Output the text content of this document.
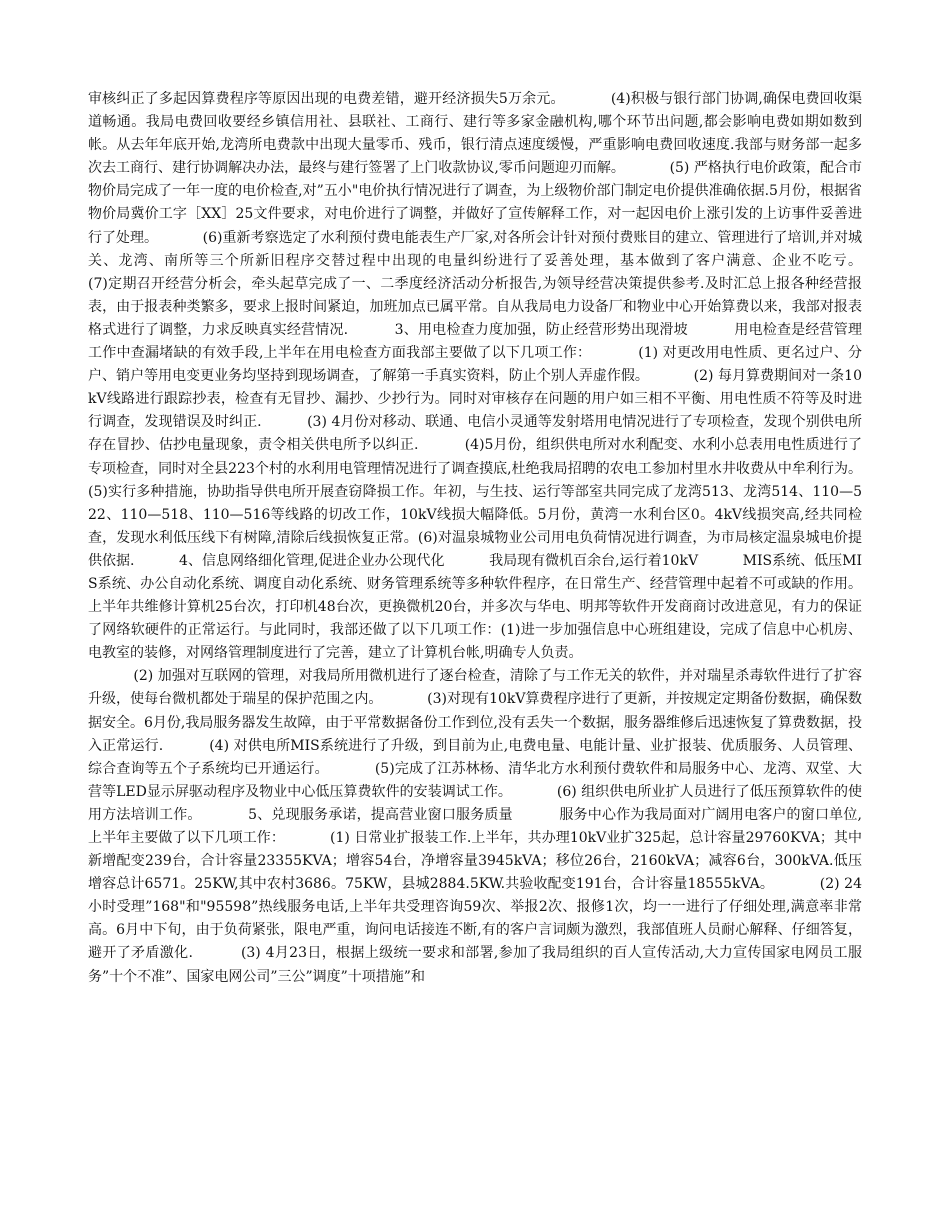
审核纠正了多起因算费程序等原因出现的电费差错，避开经济损失5万余元。          (4)积极与银行部门协调,确保电费回收渠道畅通。我局电费回收要经乡镇信用社、县联社、工商行、建行等多家金融机构,哪个环节出问题,都会影响电费如期如数到帐。从去年年底开始,龙湾所电费款中出现大量零币、残币，银行清点速度缓慢，严重影响电费回收速度.我部与财务部一起多次去工商行、建行协调解决办法，最终与建行签署了上门收款协议,零币问题迎刃而解。          (5) 严格执行电价政策，配合市物价局完成了一年一度的电价检查,对”五小"电价执行情况进行了调查，为上级物价部门制定电价提供准确依据.5月份，根据省物价局冀价工字［XX］25文件要求，对电价进行了调整，并做好了宣传解释工作，对一起因电价上涨引发的上访事件妥善进行了处理。          (6)重新考察选定了水利预付费电能表生产厂家,对各所会计针对预付费账目的建立、管理进行了培训,并对城关、龙湾、南所等三个所新旧程序交替过程中出现的电量纠纷进行了妥善处理，基本做到了客户满意、企业不吃亏。          (7)定期召开经营分析会，牵头起草完成了一、二季度经济活动分析报告,为领导经营决策提供参考.及时汇总上报各种经营报表，由于报表种类繁多，要求上报时间紧迫，加班加点已属平常。自从我局电力设备厂和物业中心开始算费以来，我部对报表格式进行了调整，力求反映真实经营情况.          3、用电检查力度加强，防止经营形势出现滑坡          用电检查是经营管理工作中查漏堵缺的有效手段,上半年在用电检查方面我部主要做了以下几项工作：          (1) 对更改用电性质、更名过户、分户、销户等用电变更业务均坚持到现场调查，了解第一手真实资料，防止个别人弄虚作假。          (2) 每月算费期间对一条10kV线路进行跟踪抄表，检查有无冒抄、漏抄、少抄行为。同时对审核存在问题的用户如三相不平衡、用电性质不符等及时进行调查，发现错误及时纠正.          (3) 4月份对移动、联通、电信小灵通等发射塔用电情况进行了专项检查，发现个别供电所存在冒抄、估抄电量现象，责令相关供电所予以纠正.          (4)5月份，组织供电所对水利配变、水利小总表用电性质进行了专项检查，同时对全县223个村的水利用电管理情况进行了调查摸底,杜绝我局招聘的农电工参加村里水井收费从中牟利行为。          (5)实行多种措施，协助指导供电所开展查窃降损工作。年初，与生技、运行等部室共同完成了龙湾513、龙湾514、110—522、110—518、110—516等线路的切改工作，10kV线损大幅降低。5月份，黄湾一水利台区0。4kV线损突高,经共同检查，发现水利低压线下有树障,清除后线损恢复正常。(6)对温泉城物业公司用电负荷情况进行调查，为市局核定温泉城电价提供依据.          4、信息网络细化管理,促进企业办公现代化          我局现有微机百余台,运行着10kV          MIS系统、低压MIS系统、办公自动化系统、调度自动化系统、财务管理系统等多种软件程序，在日常生产、经营管理中起着不可或缺的作用。上半年共维修计算机25台次，打印机48台次，更换微机20台，并多次与华电、明邦等软件开发商商讨改进意见，有力的保证了网络软硬件的正常运行。与此同时，我部还做了以下几项工作：(1)进一步加强信息中心班组建设，完成了信息中心机房、电教室的装修，对网络管理制度进行了完善，建立了计算机台帐,明确专人负责。

(2) 加强对互联网的管理，对我局所用微机进行了逐台检查，清除了与工作无关的软件，并对瑞星杀毒软件进行了扩容升级，使每台微机都处于瑞星的保护范围之内。          (3)对现有10kV算费程序进行了更新，并按规定定期备份数据，确保数据安全。6月份,我局服务器发生故障，由于平常数据备份工作到位,没有丢失一个数据，服务器维修后迅速恢复了算费数据，投入正常运行.          (4) 对供电所MIS系统进行了升级，到目前为止,电费电量、电能计量、业扩报装、优质服务、人员管理、综合查询等五个子系统均已开通运行。          (5)完成了江苏林杨、清华北方水利预付费软件和局服务中心、龙湾、双堂、大营等LED显示屏驱动程序及物业中心低压算费软件的安装调试工作。          (6) 组织供电所业扩人员进行了低压预算软件的使用方法培训工作。          5、兑现服务承诺，提高营业窗口服务质量          服务中心作为我局面对广阔用电客户的窗口单位,上半年主要做了以下几项工作：          (1) 日常业扩报装工作.上半年，共办理10kV业扩325起，总计容量29760KVA；其中新增配变239台，合计容量23355KVA；增容54台，净增容量3945kVA；移位26台，2160kVA；减容6台，300kVA.低压增容总计6571。25KW,其中农村3686。75KW，县城2884.5KW.共验收配变191台，合计容量18555kVA。          (2) 24小时受理”168"和"95598”热线服务电话,上半年共受理咨询59次、举报2次、报修1次，均一一进行了仔细处理,满意率非常高。6月中下旬，由于负荷紧张，限电严重，询问电话接连不断,有的客户言词颇为激烈，我部值班人员耐心解释、仔细答复，避开了矛盾激化.          (3) 4月23日，根据上级统一要求和部署,参加了我局组织的百人宣传活动,大力宣传国家电网员工服务”十个不准”、国家电网公司”三公”调度”十项措施”和
